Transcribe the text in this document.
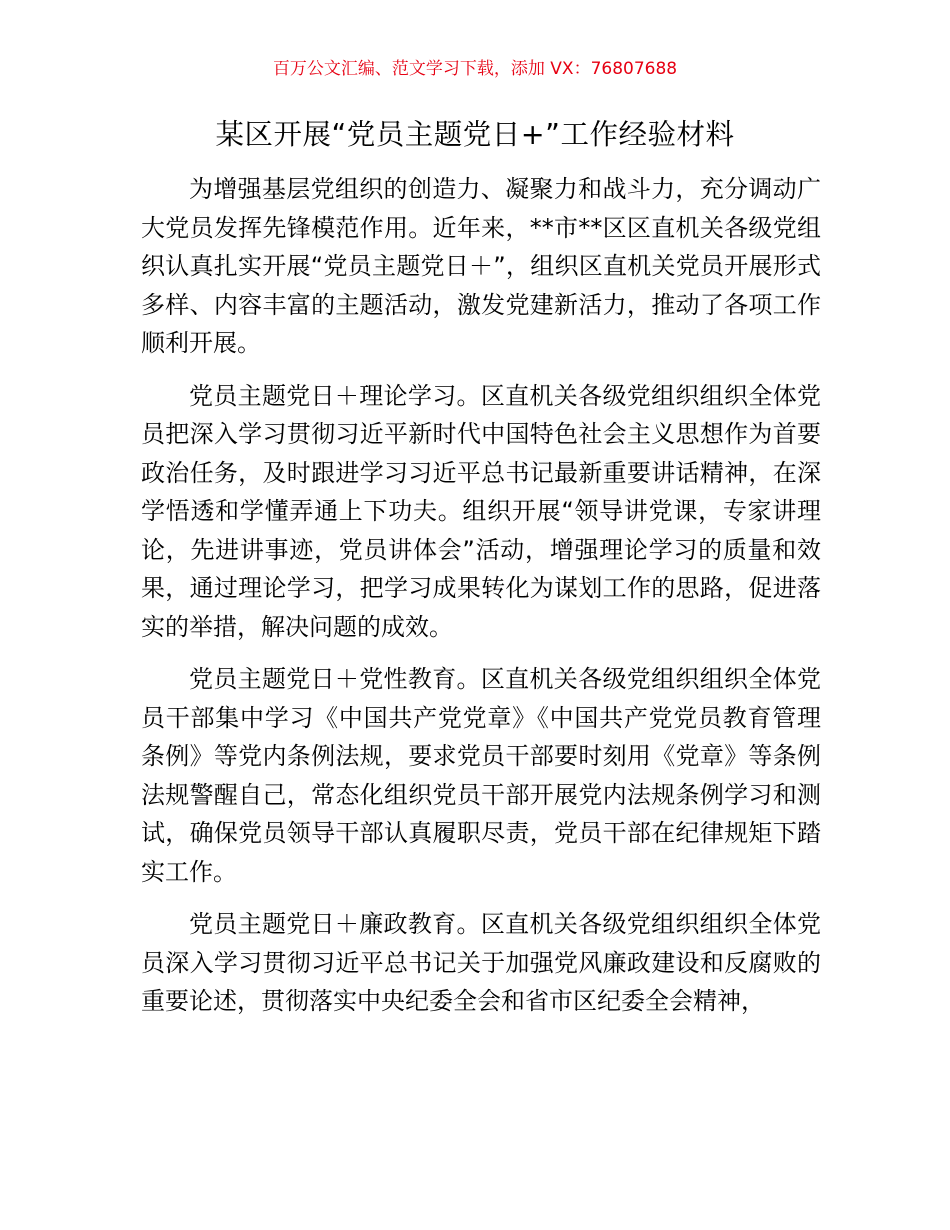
百万公文汇编、范文学习下载，添加 VX：76807688
某区开展“党员主题党日+”工作经验材料

为增强基层党组织的创造力、凝聚力和战斗力，充分调动广大党员发挥先锋模范作用。近年来，**市**区区直机关各级党组织认真扎实开展“党员主题党日＋”，组织区直机关党员开展形式多样、内容丰富的主题活动，激发党建新活力，推动了各项工作顺利开展。

党员主题党日＋理论学习。区直机关各级党组织组织全体党员把深入学习贯彻习近平新时代中国特色社会主义思想作为首要政治任务，及时跟进学习习近平总书记最新重要讲话精神，在深学悟透和学懂弄通上下功夫。组织开展“领导讲党课，专家讲理论，先进讲事迹，党员讲体会”活动，增强理论学习的质量和效果，通过理论学习，把学习成果转化为谋划工作的思路，促进落实的举措，解决问题的成效。

党员主题党日＋党性教育。区直机关各级党组织组织全体党员干部集中学习《中国共产党党章》《中国共产党党员教育管理条例》等党内条例法规，要求党员干部要时刻用《党章》等条例法规警醒自己，常态化组织党员干部开展党内法规条例学习和测试，确保党员领导干部认真履职尽责，党员干部在纪律规矩下踏实工作。

党员主题党日＋廉政教育。区直机关各级党组织组织全体党员深入学习贯彻习近平总书记关于加强党风廉政建设和反腐败的重要论述，贯彻落实中央纪委全会和省市区纪委全会精神，
